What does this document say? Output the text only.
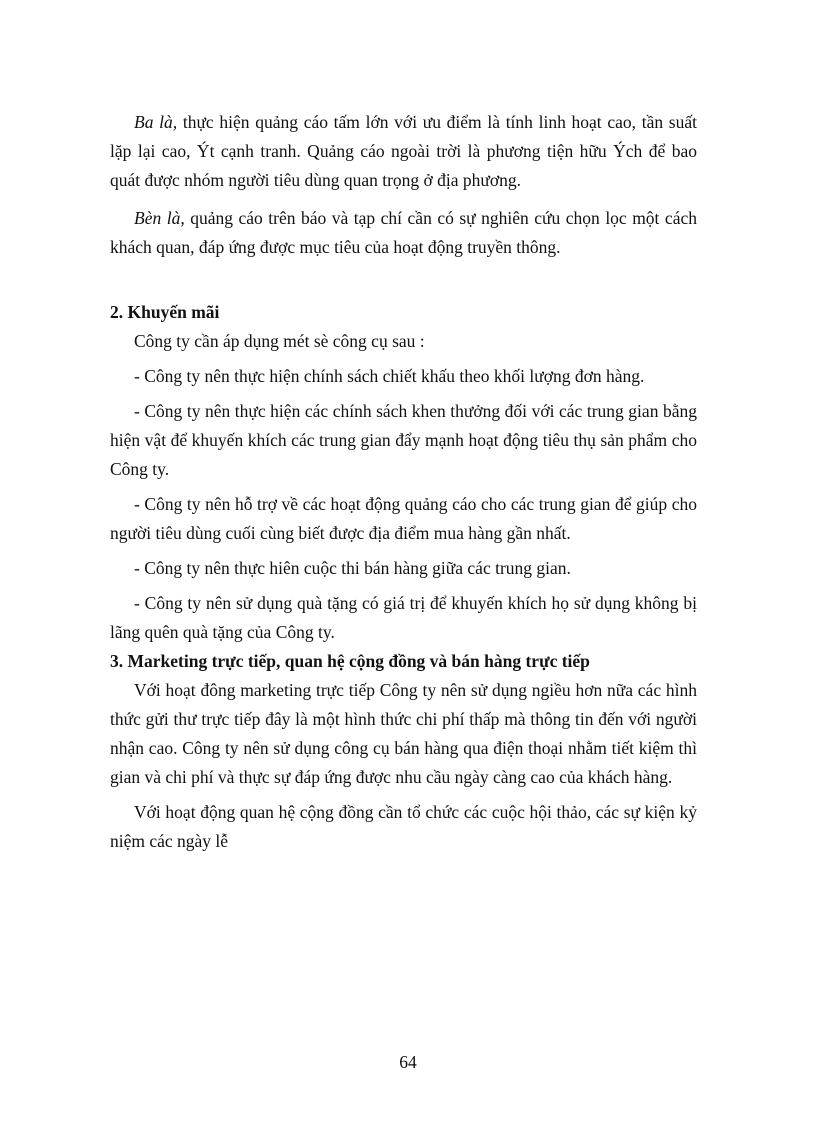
Ba là, thực hiện quảng cáo tấm lớn với ưu điểm là tính linh hoạt cao, tần suất lặp lại cao, Ýt cạnh tranh. Quảng cáo ngoài trời là phương tiện hữu Ých để bao quát được nhóm người tiêu dùng quan trọng ở địa phương.

Bèn là, quảng cáo trên báo và tạp chí cần có sự nghiên cứu chọn lọc một cách khách quan, đáp ứng được mục tiêu của hoạt động truyền thông.

2. Khuyến mãi

Công ty cần áp dụng mét sè công cụ sau :

- Công ty nên thực hiện chính sách chiết khấu theo khối lượng đơn hàng.

- Công ty nên thực hiện các chính sách khen thưởng đối với các trung gian bằng hiện vật để khuyến khích các trung gian đẩy mạnh hoạt động tiêu thụ sản phẩm cho Công ty.

- Công ty nên hỗ trợ về các hoạt động quảng cáo cho các trung gian để giúp cho người tiêu dùng cuối cùng biết được địa điểm mua hàng gần nhất.

- Công ty nên thực hiên cuộc thi bán hàng giữa các trung gian.

- Công ty nên sử dụng quà tặng có giá trị để khuyến khích họ sử dụng không bị lãng quên quà tặng của Công ty.

3. Marketing trực tiếp, quan hệ cộng đồng và bán hàng trực tiếp

Với hoạt đông marketing trực tiếp Công ty nên sử dụng ngiều hơn nữa các hình thức gửi thư trực tiếp đây là một hình thức chi phí thấp mà thông tin đến với người nhận cao. Công ty nên sử dụng công cụ bán hàng qua điện thoại nhằm tiết kiệm thì gian và chi phí và thực sự đáp ứng được nhu cầu ngày càng cao của khách hàng.

Với hoạt động quan hệ cộng đồng cần tổ chức các cuộc hội thảo, các sự kiện kỷ niệm các ngày lễ

64
